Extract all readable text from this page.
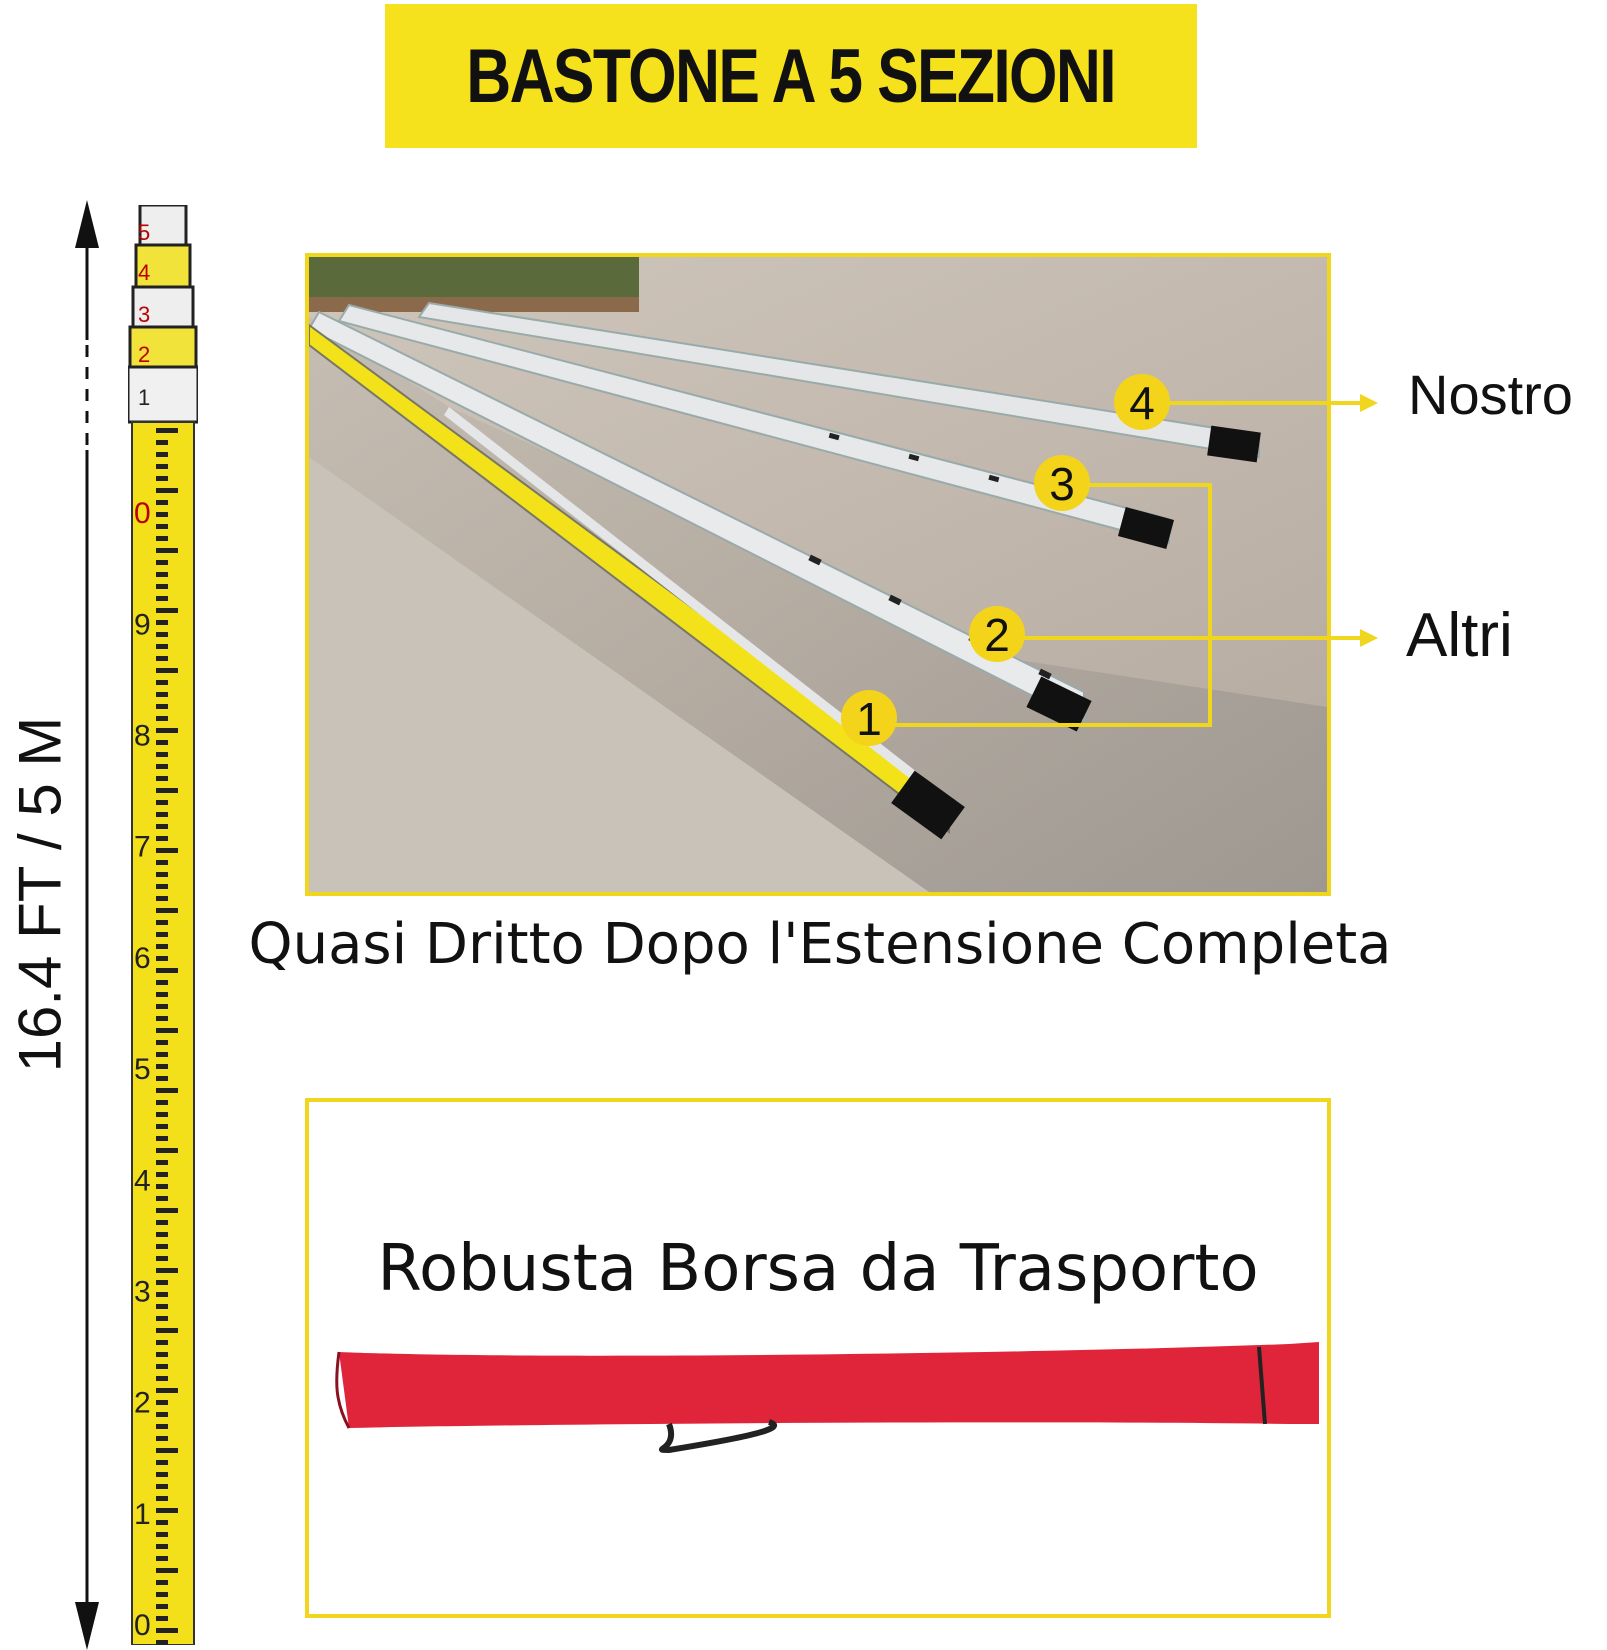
BASTONE A 5 SEZIONI
16.4 FT / 5 M
5
4
3
2
1
0
9
8
7
6
5
4
3
2
1
0
1
2
3
4	Nostro
Altri
Quasi Dritto Dopo l'Estensione Completa
Robusta Borsa da Trasporto
